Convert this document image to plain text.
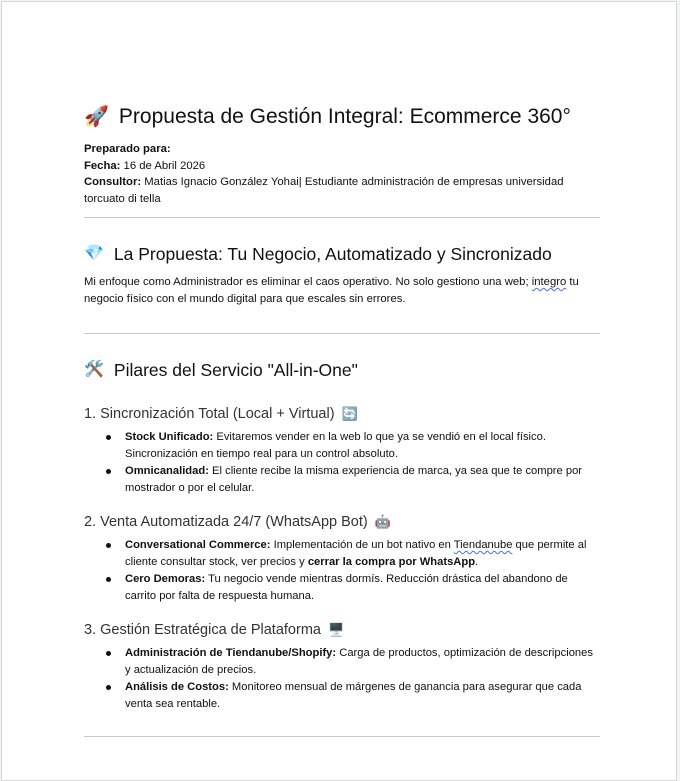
🚀 Propuesta de Gestión Integral: Ecommerce 360°
Preparado para:
Fecha: 16 de Abril 2026
Consultor: Matias Ignacio González Yohai| Estudiante administración de empresas universidad torcuato di tella
💎 La Propuesta: Tu Negocio, Automatizado y Sincronizado
Mi enfoque como Administrador es eliminar el caos operativo. No solo gestiono una web; integro tu negocio físico con el mundo digital para que escales sin errores.
🛠️ Pilares del Servicio "All-in-One"
1. Sincronización Total (Local + Virtual) 🔄
Stock Unificado: Evitaremos vender en la web lo que ya se vendió en el local físico. Sincronización en tiempo real para un control absoluto.
Omnicanalidad: El cliente recibe la misma experiencia de marca, ya sea que te compre por mostrador o por el celular.
2. Venta Automatizada 24/7 (WhatsApp Bot) 🤖
Conversational Commerce: Implementación de un bot nativo en Tiendanube que permite al cliente consultar stock, ver precios y cerrar la compra por WhatsApp.
Cero Demoras: Tu negocio vende mientras dormís. Reducción drástica del abandono de carrito por falta de respuesta humana.
3. Gestión Estratégica de Plataforma 🖥️
Administración de Tiendanube/Shopify: Carga de productos, optimización de descripciones y actualización de precios.
Análisis de Costos: Monitoreo mensual de márgenes de ganancia para asegurar que cada venta sea rentable.
